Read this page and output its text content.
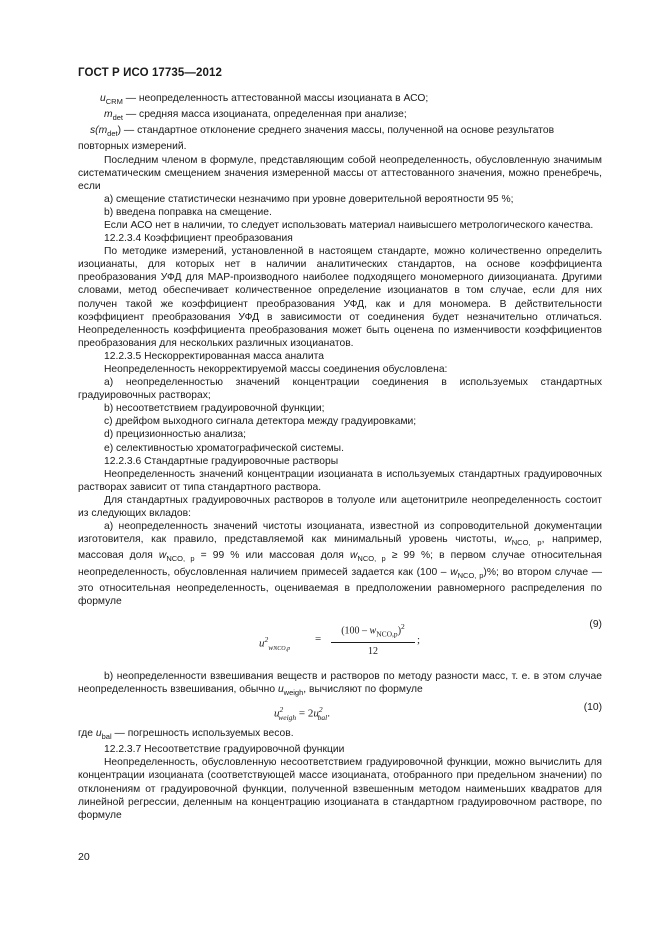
ГОСТ Р ИСО 17735—2012

$u_{CRM}$ — неопределенность аттестованной массы изоцианата в АСО;

$m_{det}$ — средняя масса изоцианата, определенная при анализе;

$s(m_{det})$ — стандартное отклонение среднего значения массы, полученной на основе результатов

повторных измерений.

Последним членом в формуле, представляющим собой неопределенность, обусловленную значимым систематическим смещением значения измеренной массы от аттестованного значения, можно пренебречь, если

a) смещение статистически незначимо при уровне доверительной вероятности 95 %;

b) введена поправка на смещение.

Если АСО нет в наличии, то следует использовать материал наивысшего метрологического качества.

12.2.3.4 Коэффициент преобразования

По методике измерений, установленной в настоящем стандарте, можно количественно определить изоцианаты, для которых нет в наличии аналитических стандартов, на основе коэффициента преобразования УФД для МАР-производного наиболее подходящего мономерного диизоцианата. Другими словами, метод обеспечивает количественное определение изоцианатов в том случае, если для них получен такой же коэффициент преобразования УФД, как и для мономера. В действительности коэффициент преобразования УФД в зависимости от соединения будет незначительно отличаться. Неопределенность коэффициента преобразования может быть оценена по изменчивости коэффициентов преобразования для нескольких различных изоцианатов.

12.2.3.5 Нескорректированная масса аналита

Неопределенность некорректируемой массы соединения обусловлена:

a) неопределенностью значений концентрации соединения в используемых стандартных градуировочных растворах;

b) несоответствием градуировочной функции;

c) дрейфом выходного сигнала детектора между градуировками;

d) прецизионностью анализа;

e) селективностью хроматографической системы.

12.2.3.6 Стандартные градуировочные растворы

Неопределенность значений концентрации изоцианата в используемых стандартных градуировочных растворах зависит от типа стандартного раствора.

Для стандартных градуировочных растворов в толуоле или ацетонитриле неопределенность состоит из следующих вкладов:

a) неопределенность значений чистоты изоцианата, известной из сопроводительной документации изготовителя, как правило, представляемой как минимальный уровень чистоты, $w_{NCO, p}$, например, массовая доля $w_{NCO, p} = 99$ % или массовая доля $w_{NCO, p} \ge 99$ %; в первом случае относительная неопределенность, обусловленная наличием примесей задается как $(100 - w_{NCO, p})\%$; во втором случае — это относительная неопределенность, оцениваемая в предположении равномерного распределения по формуле

$u^2_{wNCO,p}$
=
$(100 - w_{NCO,p})^2$
12
;
(9)

b) неопределенности взвешивания веществ и растворов по методу разности масс, т. е. в этом случае неопределенность взвешивания, обычно $u_{weigh}$, вычисляют по формуле

$u^2_{weigh} = 2u^2_{bal}$.
(10)

где $u_{bal}$ — погрешность используемых весов.

12.2.3.7 Несоответствие градуировочной функции

Неопределенность, обусловленную несоответствием градуировочной функции, можно вычислить для концентрации изоцианата (соответствующей массе изоцианата, отобранного при предельном значении) по отклонениям от градуировочной функции, полученной взвешенным методом наименьших квадратов для линейной регрессии, деленным на концентрацию изоцианата в стандартном градуировочном растворе, по формуле

20
